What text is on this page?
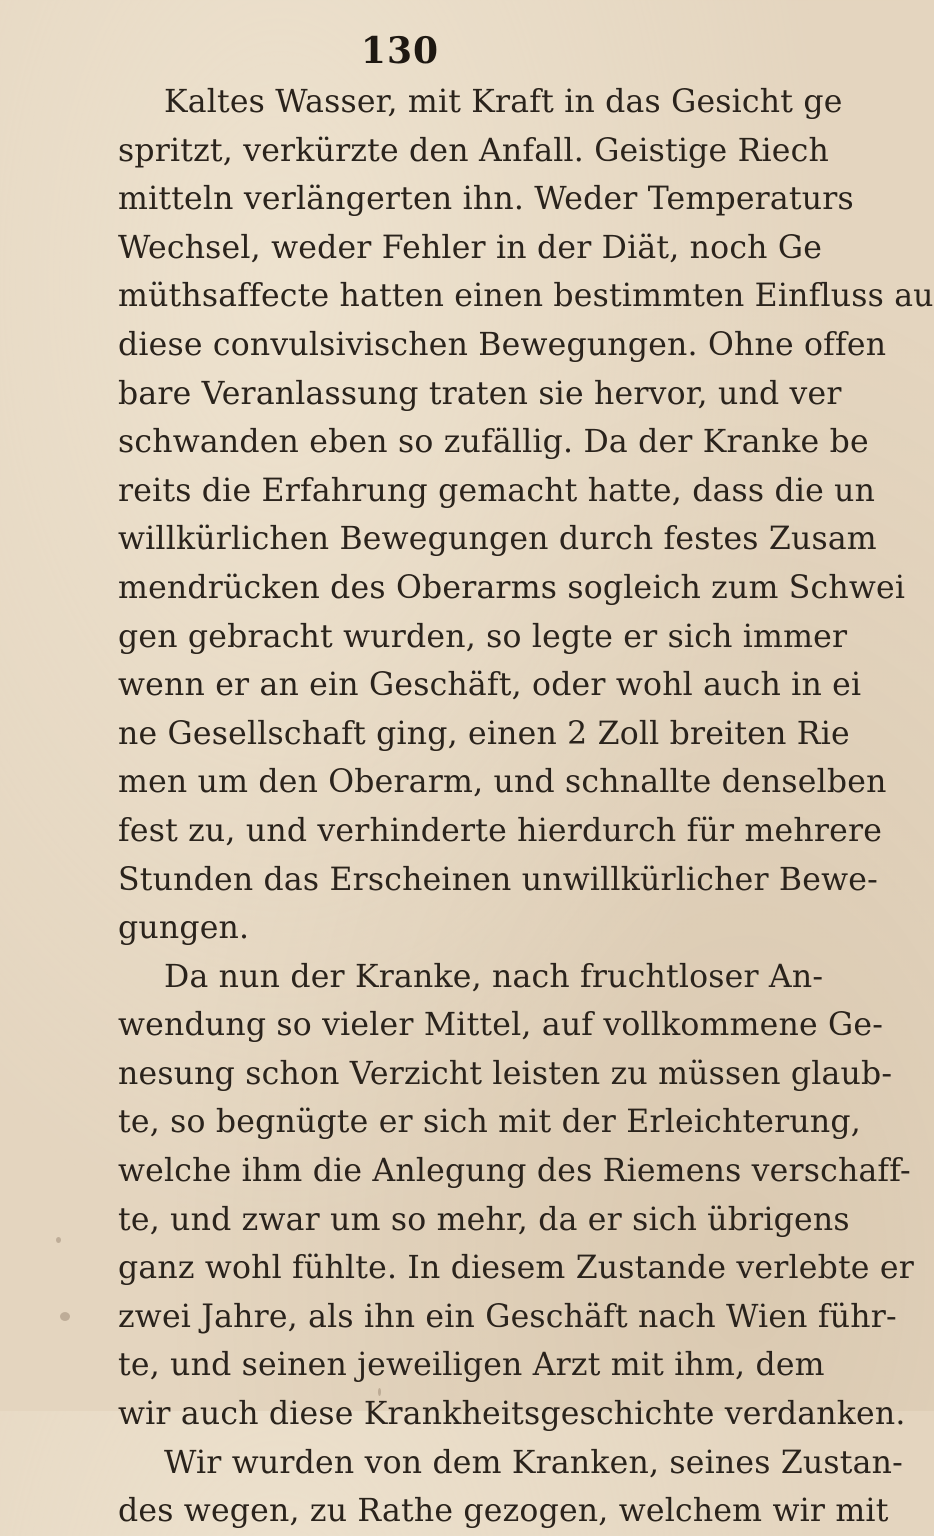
130
Kaltes Wasser, mit Kraft in das Gesicht ge
spritzt, verkürzte den Anfall. Geistige Riech
mitteln verlängerten ihn. Weder Temperaturs
Wechsel, weder Fehler in der Diät, noch Ge
müthsaffecte hatten einen bestimmten Einfluss au
diese convulsivischen Bewegungen. Ohne offen
bare Veranlassung traten sie hervor, und ver
schwanden eben so zufällig. Da der Kranke be
reits die Erfahrung gemacht hatte, dass die un
willkürlichen Bewegungen durch festes Zusam
mendrücken des Oberarms sogleich zum Schwei
gen gebracht wurden, so legte er sich immer
wenn er an ein Geschäft, oder wohl auch in ei
ne Gesellschaft ging, einen 2 Zoll breiten Rie
men um den Oberarm, und schnallte denselben
fest zu, und verhinderte hierdurch für mehrere
Stunden das Erscheinen unwillkürlicher Bewe-
gungen.
Da nun der Kranke, nach fruchtloser An-
wendung so vieler Mittel, auf vollkommene Ge-
nesung schon Verzicht leisten zu müssen glaub-
te, so begnügte er sich mit der Erleichterung,
welche ihm die Anlegung des Riemens verschaff-
te, und zwar um so mehr, da er sich übrigens
ganz wohl fühlte. In diesem Zustande verlebte er
zwei Jahre, als ihn ein Geschäft nach Wien führ-
te, und seinen jeweiligen Arzt mit ihm, dem
wir auch diese Krankheitsgeschichte verdanken.
Wir wurden von dem Kranken, seines Zustan-
des wegen, zu Rathe gezogen, welchem wir mit
